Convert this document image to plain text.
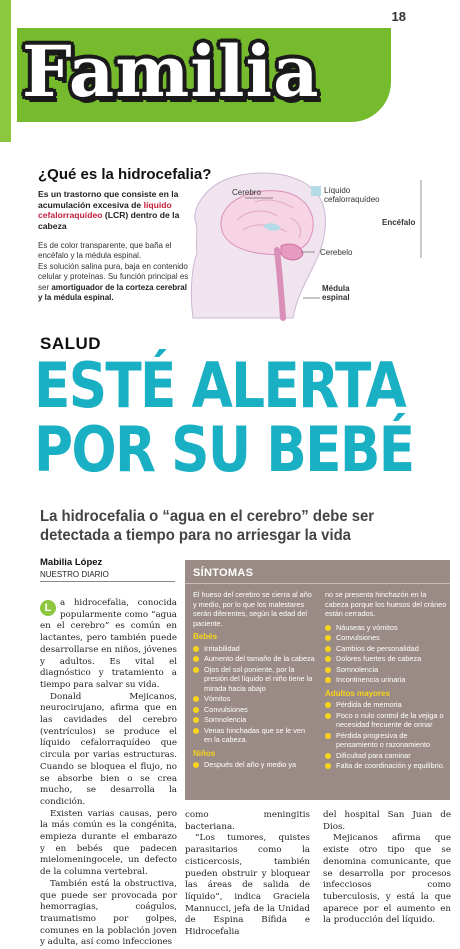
18
Familia
EDITORA: LLEZICA XOT. llezica.xot@nuestrodiario.com.gt
¿Qué es la hidrocefalia?
Es un trastorno que consiste en la acumulación excesiva de líquido cefalorraquídeo (LCR) dentro de la cabeza
Es de color transparente, que baña el encéfalo y la médula espinal.
Es solución salina pura, baja en contenido celular y proteínas. Su función principal es ser amortiguador de la corteza cerebral y la médula espinal.
Cerebro	Líquido cefalorraquídeo
Encéfalo
Cerebelo
Médula espinal
SALUD
ESTÉ ALERTA
POR SU BEBÉ
La hidrocefalia o “agua en el cerebro” debe ser detectada a tiempo para no arriesgar la vida
Mabilia López
NUESTRO DIARIO
L a hidrocefalia, conocida popularmente como “agua en el cerebro” es común en lactantes, pero también puede desarrollarse en niños, jóvenes y adultos. Es vital el diagnóstico y tratamiento a tiempo para salvar su vida.

Donald Mejicanos, neurocirujano, afirma que en las cavidades del cerebro (ventrículos) se produce el líquido cefalorraquídeo que circula por varias estructuras. Cuando se bloquea el flujo, no se absorbe bien o se crea mucho, se desarrolla la condición.

Existen varias causas, pero la más común es la congénita, empieza durante el embarazo y en bebés que padecen mielomeningocele, un defecto de la columna vertebral.

También está la obstructiva, que puede ser provocada por hemorragias, coágulos, traumatismo por golpes, comunes en la población joven y adulta, así como infecciones

SÍNTOMAS
El hueso del cerebro se cierra al año y medio, por lo que los malestares serán diferentes, según la edad del paciente.
Bebés
Irritabilidad
Aumento del tamaño de la cabeza
Ojos del sol poniente, por la presión del líquido el niño tiene la mirada hacia abajo
Vómitos
Convulsiones
Somnolencia
Venas hinchadas que se le ven en la cabeza.
Niños
Después del año y medio ya
no se presenta hinchazón en la cabeza porque los huesos del cráneo están cerrados.
Náuseas y vómitos
Convulsiones
Cambios de personalidad
Dolores fuertes de cabeza
Somnolencia
Incontinencia urinaria
Adultos mayores
Pérdida de memoria
Poco o nulo control de la vejiga o necesidad frecuente de orinar
Pérdida progresiva de pensamiento o razonamiento
Dificultad para caminar
Falta de coordinación y equilibrio.

como meningitis bacteriana.

“Los tumores, quistes parasitarios como la cisticercosis, también pueden obstruir y bloquear las áreas de salida de líquido”, indica Graciela Mannucci, jefa de la Unidad de Espina Bífida e Hidrocefalia

del hospital San Juan de Dios.

Mejicanos afirma que existe otro tipo que se denomina comunicante, que se desarrolla por procesos infecciosos como tuberculosis, y está la que aparece por el aumento en la producción del líquido.
